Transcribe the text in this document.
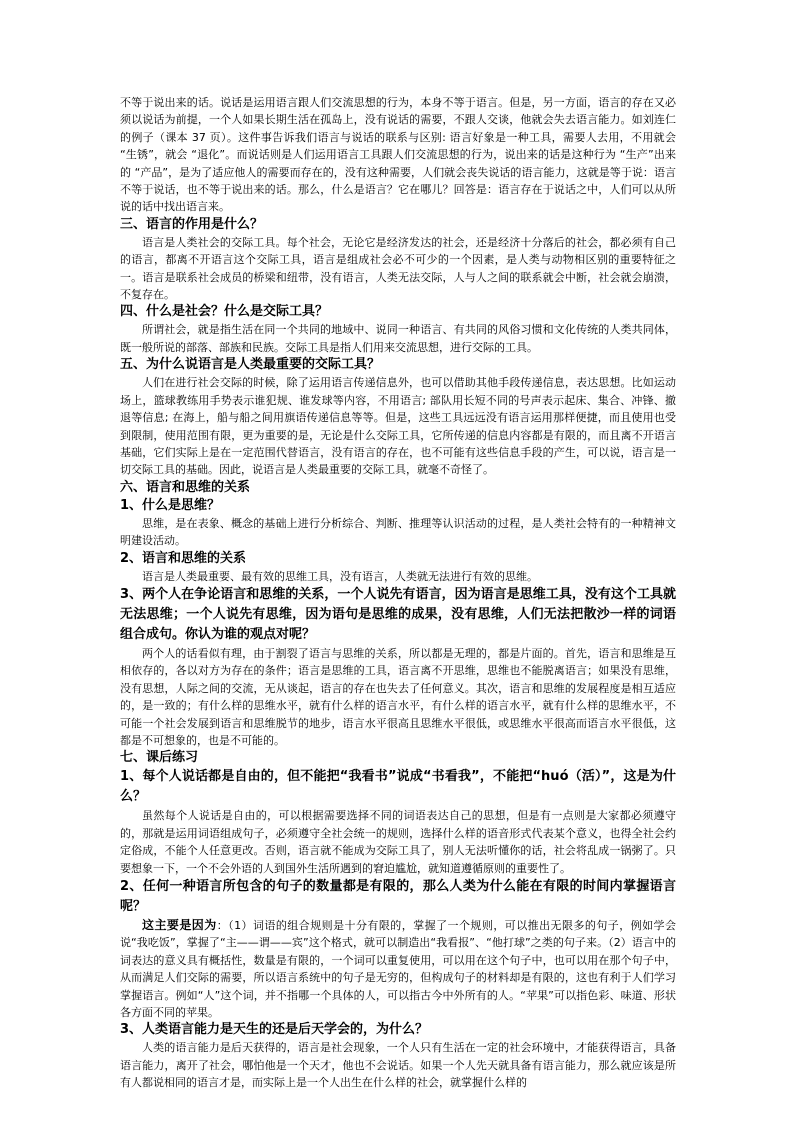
不等于说出来的话。说话是运用语言跟人们交流思想的行为，本身不等于语言。但是，另一方面，语言的存在又必须以说话为前提，一个人如果长期生活在孤岛上，没有说话的需要，不跟人交谈，他就会失去语言能力。如刘连仁的例子（课本 37 页）。这件事告诉我们语言与说话的联系与区别: 语言好象是一种工具，需要人去用，不用就会 “生锈”，就会 “退化”。而说话则是人们运用语言工具跟人们交流思想的行为，说出来的话是这种行为 “生产”出来的 “产品”，是为了适应他人的需要而存在的，没有这种需要，人们就会丧失说话的语言能力，这就是等于说：语言不等于说话，也不等于说出来的话。那么，什么是语言？它在哪儿？回答是：语言存在于说话之中，人们可以从所说的话中找出语言来。

三、语言的作用是什么？

语言是人类社会的交际工具。每个社会，无论它是经济发达的社会，还是经济十分落后的社会，都必须有自己的语言，都离不开语言这个交际工具，语言是组成社会必不可少的一个因素，是人类与动物相区别的重要特征之一。语言是联系社会成员的桥梁和纽带，没有语言，人类无法交际，人与人之间的联系就会中断，社会就会崩溃，不复存在。

四、什么是社会？什么是交际工具？

所谓社会，就是指生活在同一个共同的地域中、说同一种语言、有共同的风俗习惯和文化传统的人类共同体，既一般所说的部落、部族和民族。交际工具是指人们用来交流思想，进行交际的工具。

五、为什么说语言是人类最重要的交际工具？

人们在进行社会交际的时候，除了运用语言传递信息外，也可以借助其他手段传递信息，表达思想。比如运动场上，篮球教练用手势表示谁犯规、谁发球等内容，不用语言; 部队用长短不同的号声表示起床、集合、冲锋、撤退等信息; 在海上，船与船之间用旗语传递信息等等。但是，这些工具远远没有语言运用那样便捷，而且使用也受到限制，使用范围有限，更为重要的是，无论是什么交际工具，它所传递的信息内容都是有限的，而且离不开语言基础，它们实际上是在一定范围代替语言，没有语言的存在，也不可能有这些信息手段的产生，可以说，语言是一切交际工具的基础。因此，说语言是人类最重要的交际工具，就毫不奇怪了。

六、语言和思维的关系

1、什么是思维？

思维，是在表象、概念的基础上进行分析综合、判断、推理等认识活动的过程，是人类社会特有的一种精神文明建设活动。

2、语言和思维的关系

语言是人类最重要、最有效的思维工具，没有语言，人类就无法进行有效的思维。

3、两个人在争论语言和思维的关系，一个人说先有语言，因为语言是思维工具，没有这个工具就无法思维；一个人说先有思维，因为语句是思维的成果，没有思维，人们无法把散沙一样的词语组合成句。你认为谁的观点对呢？

两个人的话看似有理，由于割裂了语言与思维的关系，所以都是无理的，都是片面的。首先，语言和思维是互相依存的，各以对方为存在的条件；语言是思维的工具，语言离不开思维，思维也不能脱离语言；如果没有思维，没有思想，人际之间的交流，无从谈起，语言的存在也失去了任何意义。其次，语言和思维的发展程度是相互适应的，是一致的；有什么样的思维水平，就有什么样的语言水平，有什么样的语言水平，就有什么样的思维水平，不可能一个社会发展到语言和思维脱节的地步，语言水平很高且思维水平很低，或思维水平很高而语言水平很低，这都是不可想象的，也是不可能的。

七、课后练习

1、每个人说话都是自由的，但不能把“我看书”说成“书看我”，不能把“huó（活）”，这是为什么？

虽然每个人说话是自由的，可以根据需要选择不同的词语表达自己的思想，但是有一点则是大家都必须遵守的，那就是运用词语组成句子，必须遵守全社会统一的规则，选择什么样的语音形式代表某个意义，也得全社会约定俗成，不能个人任意更改。否则，语言就不能成为交际工具了，别人无法听懂你的话，社会将乱成一锅粥了。只要想象一下，一个不会外语的人到国外生活所遇到的窘迫尴尬，就知道遵循原则的重要性了。

2、任何一种语言所包含的句子的数量都是有限的，那么人类为什么能在有限的时间内掌握语言呢？

这主要是因为：（1）词语的组合规则是十分有限的，掌握了一个规则，可以推出无限多的句子，例如学会说“我吃饭”，掌握了“主——谓——宾”这个格式，就可以制造出“我看报”、“他打球”之类的句子来。（2）语言中的词表达的意义具有概括性，数量是有限的，一个词可以重复使用，可以用在这个句子中，也可以用在那个句子中，从而满足人们交际的需要，所以语言系统中的句子是无穷的，但构成句子的材料却是有限的，这也有利于人们学习掌握语言。例如“人”这个词，并不指哪一个具体的人，可以指古今中外所有的人。“苹果”可以指色彩、味道、形状各方面不同的苹果。

3、人类语言能力是天生的还是后天学会的，为什么？

人类的语言能力是后天获得的，语言是社会现象，一个人只有生活在一定的社会环境中，才能获得语言，具备语言能力，离开了社会，哪怕他是一个天才，他也不会说话。如果一个人先天就具备有语言能力，那么就应该是所有人都说相同的语言才是，而实际上是一个人出生在什么样的社会，就掌握什么样的
